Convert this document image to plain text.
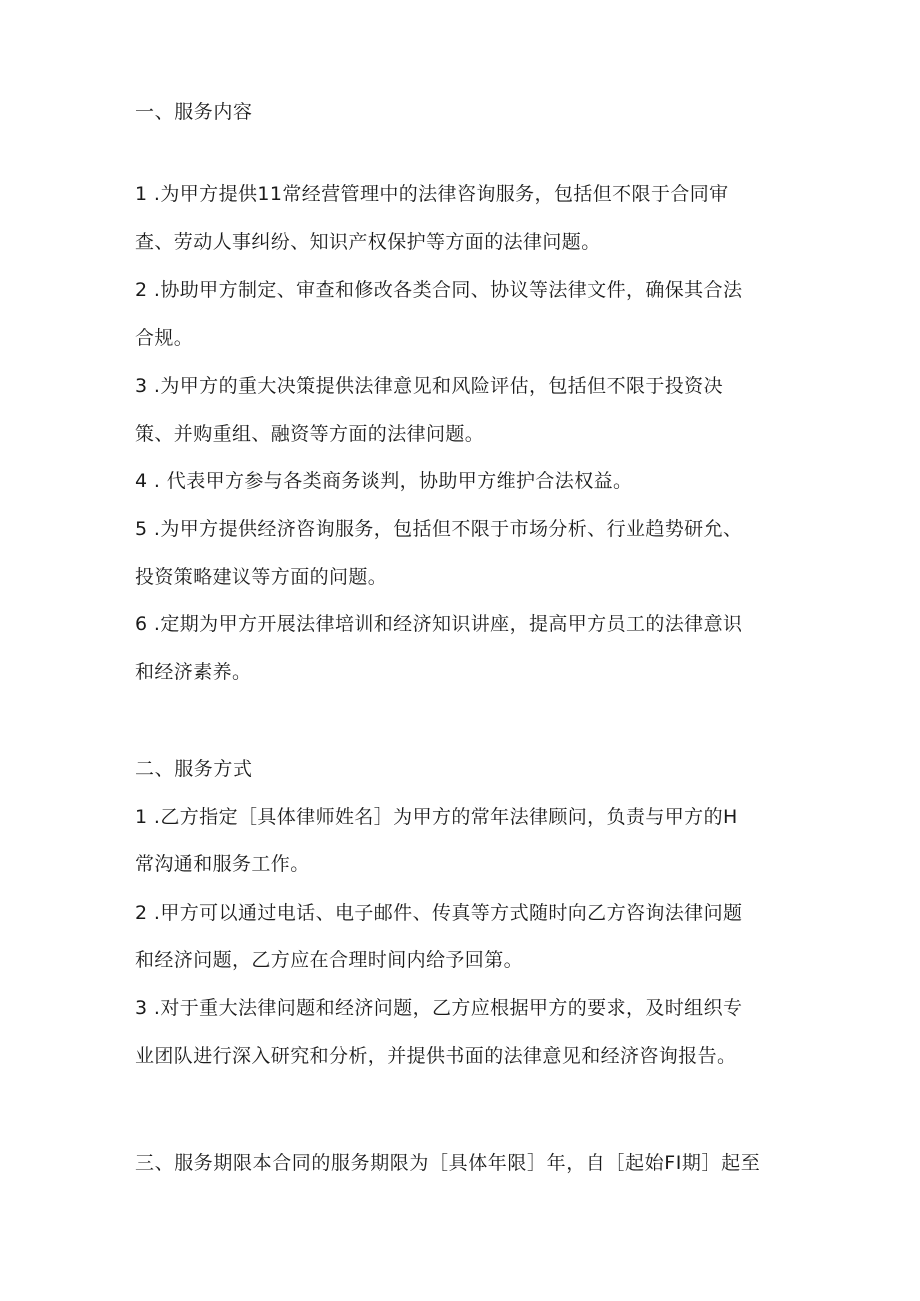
一、服务内容
1 .为甲方提供11常经营管理中的法律咨询服务，包括但不限于合同审
查、劳动人事纠纷、知识产权保护等方面的法律问题。
2 .协助甲方制定、审查和修改各类合同、协议等法律文件，确保其合法
合规。
3 .为甲方的重大决策提供法律意见和风险评估，包括但不限于投资决
策、并购重组、融资等方面的法律问题。
4 . 代表甲方参与各类商务谈判，协助甲方维护合法权益。
5 .为甲方提供经济咨询服务，包括但不限于市场分析、行业趋势研允、
投资策略建议等方面的问题。
6 .定期为甲方开展法律培训和经济知识讲座，提高甲方员工的法律意识
和经济素养。
二、服务方式
1 .乙方指定［具体律师姓名］为甲方的常年法律顾问，负责与甲方的H
常沟通和服务工作。
2 .甲方可以通过电话、电子邮件、传真等方式随时向乙方咨询法律问题
和经济问题，乙方应在合理时间内给予回第。
3 .对于重大法律问题和经济问题，乙方应根据甲方的要求，及时组织专
业团队进行深入研究和分析，并提供书面的法律意见和经济咨询报告。
三、服务期限本合同的服务期限为［具体年限］年，自［起始FI期］起至
